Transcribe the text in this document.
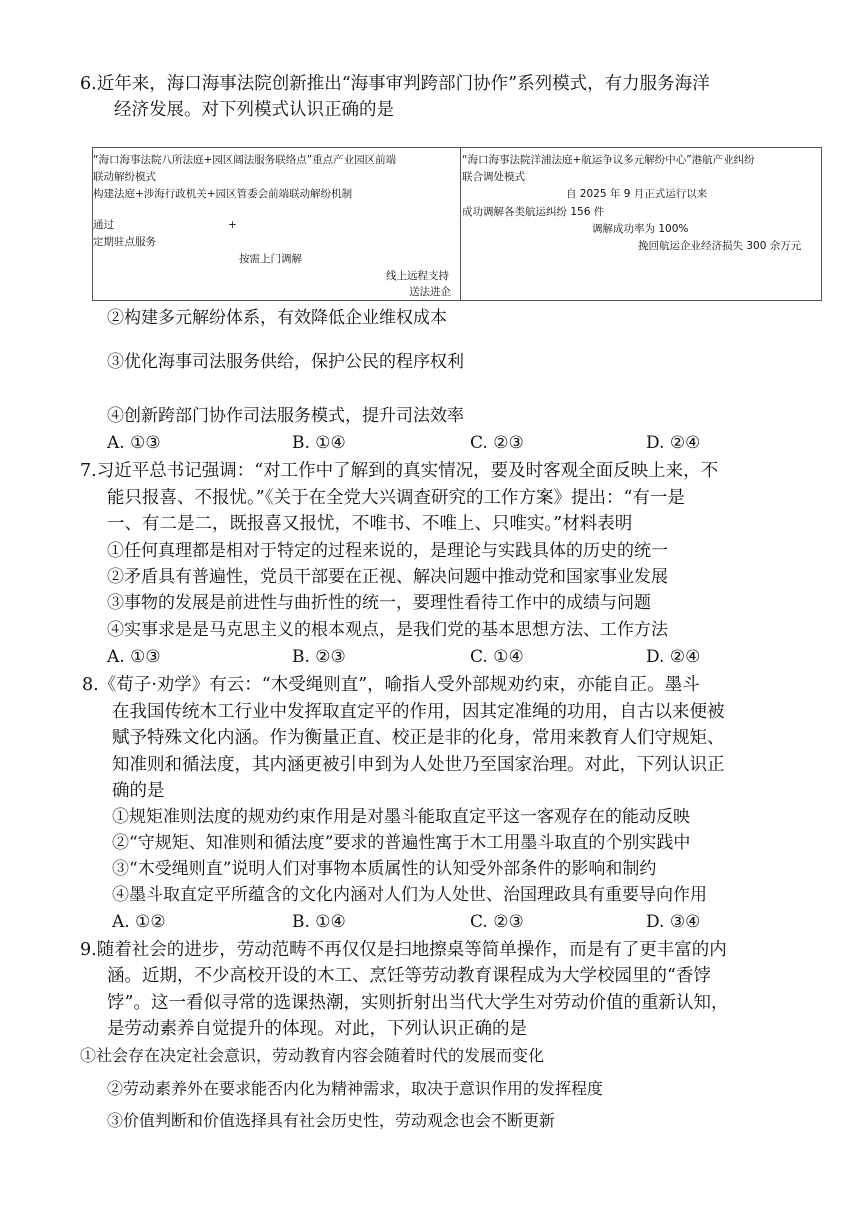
6.近年来，海口海事法院创新推出“海事审判跨部门协作”系列模式，有力服务海洋
经济发展。对下列模式认识正确的是
“海口海事法院八所法庭+园区阔法服务联络点”重点产业园区前端
联动解纷模式
构建法庭+涉海行政机关+园区管委会前端联动解纷机制
通过	+
定期驻点服务
按需上门调解
线上远程支持
送法进企
“海口海事法院洋浦法庭+航运争议多元解纷中心”港航产业纠纷
联合调处模式
自 2025 年 9 月正式运行以来
成功调解各类航运纠纷 156 件
调解成功率为 100%
挽回航运企业经济损失 300 余万元
②构建多元解纷体系，有效降低企业维权成本
③优化海事司法服务供给，保护公民的程序权利
④创新跨部门协作司法服务模式，提升司法效率
A. ①③	B. ①④	C. ②③	D. ②④
7.习近平总书记强调：“对工作中了解到的真实情况，要及时客观全面反映上来，不
能只报喜、不报忧。”《关于在全党大兴调查研究的工作方案》提出：“有一是
一、有二是二，既报喜又报忧，不唯书、不唯上、只唯实。”材料表明
①任何真理都是相对于特定的过程来说的，是理论与实践具体的历史的统一
②矛盾具有普遍性，党员干部要在正视、解决问题中推动党和国家事业发展
③事物的发展是前进性与曲折性的统一，要理性看待工作中的成绩与问题
④实事求是是马克思主义的根本观点，是我们党的基本思想方法、工作方法
A. ①③	B. ②③	C. ①④	D. ②④
8.《荀子·劝学》有云：“木受绳则直”，喻指人受外部规劝约束，亦能自正。墨斗
在我国传统木工行业中发挥取直定平的作用，因其定准绳的功用，自古以来便被
赋予特殊文化内涵。作为衡量正直、校正是非的化身，常用来教育人们守规矩、
知准则和循法度，其内涵更被引申到为人处世乃至国家治理。对此，下列认识正
确的是
①规矩准则法度的规劝约束作用是对墨斗能取直定平这一客观存在的能动反映
②“守规矩、知准则和循法度”要求的普遍性寓于木工用墨斗取直的个别实践中
③“木受绳则直”说明人们对事物本质属性的认知受外部条件的影响和制约
④墨斗取直定平所蕴含的文化内涵对人们为人处世、治国理政具有重要导向作用
A. ①②	B. ①④	C. ②③	D. ③④
9.随着社会的进步，劳动范畴不再仅仅是扫地擦桌等简单操作，而是有了更丰富的内
涵。近期，不少高校开设的木工、烹饪等劳动教育课程成为大学校园里的“香饽
饽”。这一看似寻常的选课热潮，实则折射出当代大学生对劳动价值的重新认知，
是劳动素养自觉提升的体现。对此，下列认识正确的是
①社会存在决定社会意识，劳动教育内容会随着时代的发展而变化
②劳动素养外在要求能否内化为精神需求，取决于意识作用的发挥程度
③价值判断和价值选择具有社会历史性，劳动观念也会不断更新
